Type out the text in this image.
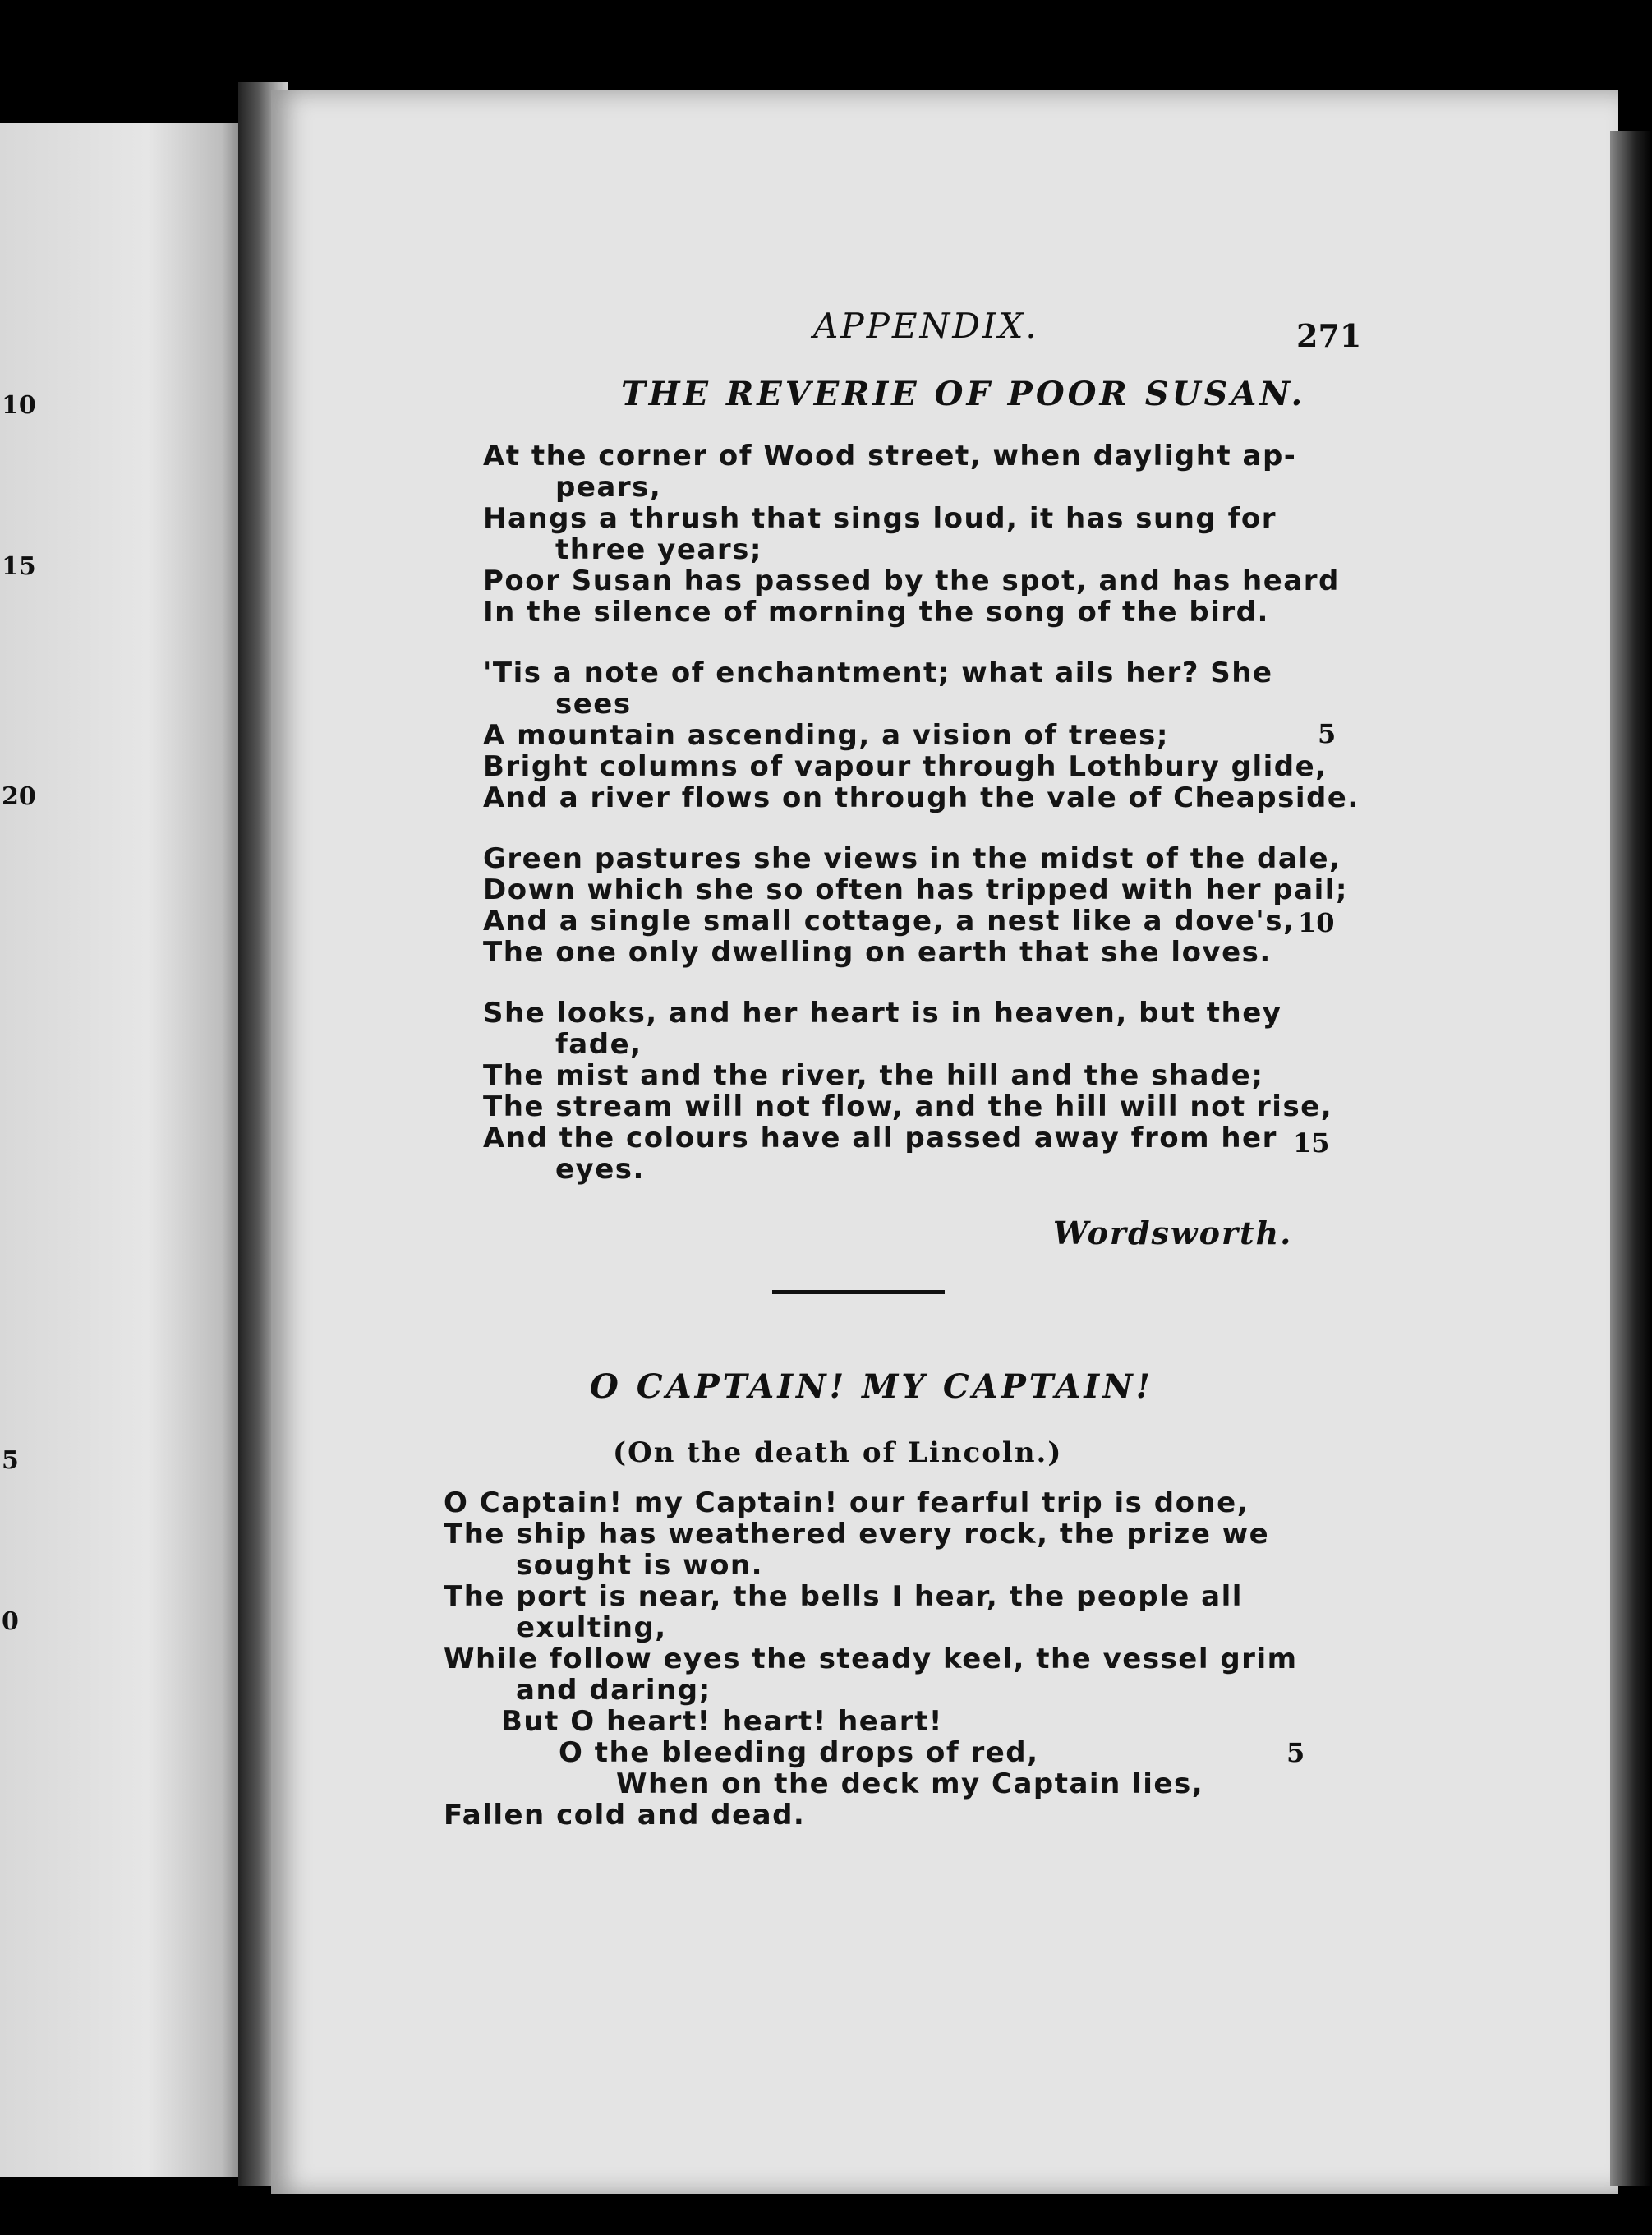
10
15
20
5
0
APPENDIX.	271
THE REVERIE OF POOR SUSAN.
At the corner of Wood street, when daylight ap-
pears,
Hangs a thrush that sings loud, it has sung for
three years;
Poor Susan has passed by the spot, and has heard
In the silence of morning the song of the bird.
'Tis a note of enchantment; what ails her? She
sees
A mountain ascending, a vision of trees;
Bright columns of vapour through Lothbury glide,
And a river flows on through the vale of Cheapside.
Green pastures she views in the midst of the dale,
Down which she so often has tripped with her pail;
And a single small cottage, a nest like a dove's,
The one only dwelling on earth that she loves.
She looks, and her heart is in heaven, but they
fade,
The mist and the river, the hill and the shade;
The stream will not flow, and the hill will not rise,
And the colours have all passed away from her
eyes.
5
10
15
Wordsworth.
O CAPTAIN! MY CAPTAIN!
(On the death of Lincoln.)
O Captain! my Captain! our fearful trip is done,
The ship has weathered every rock, the prize we
sought is won.
The port is near, the bells I hear, the people all
exulting,
While follow eyes the steady keel, the vessel grim
and daring;
But O heart! heart! heart!
O the bleeding drops of red,
When on the deck my Captain lies,
Fallen cold and dead.
5
